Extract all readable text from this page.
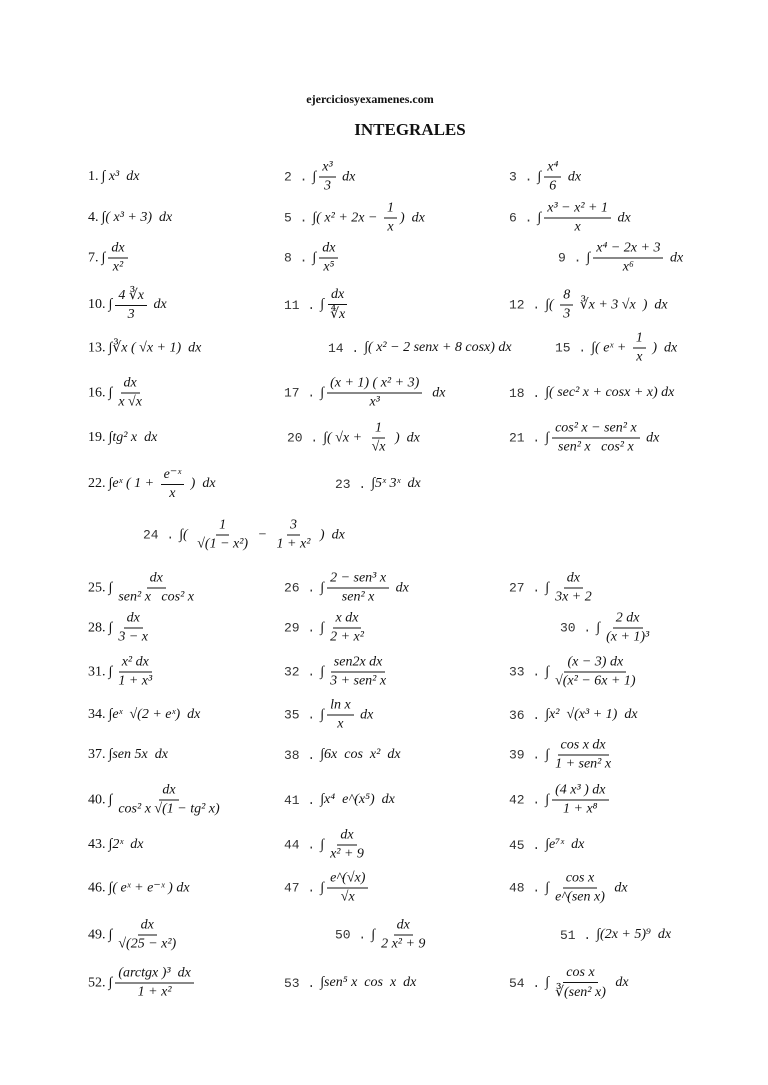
ejerciciosyexamenes.com
INTEGRALES
1. ∫ x³  dx	2 . ∫ $\frac{\text{x³}}{3}$ dx	3 . ∫ $\frac{\text{x⁴}}{6}$ dx
4. ∫( x³ + 3)  dx	5 . ∫( $x^2 + 2x - \frac{1}{x}$ )  dx	6 . ∫ $\frac{\text{x³ − x² + 1}}{x}$ dx
7. ∫ $\frac{dx}{\text{x²}}$	8 . ∫ $\frac{dx}{\text{x⁵}}$	9 . ∫ $\frac{\text{x⁴ − 2x + 3}}{\text{x⁶}}$ dx
10. ∫ $\frac{4 ∛x}{3}$ dx	11 . ∫ $\frac{dx}{∜x}$	12 . ∫( $\frac{8}{3}$ ∛x + 3 √x  )  dx
13. ∫∛x ( √x + 1)  dx	14 . ∫( x² − 2 senx + 8 cosx) dx	15 . ∫( eˣ + $\frac{1}{x}$ )  dx
16. ∫ $\frac{dx}{x √x}$	17 . ∫ $\frac{\text{(x + 1) ( x² + 3)}}{\text{x³}}$ dx	18 . ∫( sec² x + cosx + x) dx
19. ∫tg² x  dx	20 . ∫( $√x + \frac{1}{√x}$ )  dx	21 . ∫ $\frac{\text{cos² x − sen² x}}{\text{sen² x   cos² x}}$ dx
22. ∫eˣ ( $1 + \frac{\text{e⁻ˣ}}{x}$ )  dx	23 . ∫5ˣ 3ˣ  dx
24 . ∫( $\frac{1}{\text{√(1 − x²)}} - \frac{3}{\text{1 + x²}}$ )  dx
25. ∫ $\frac{dx}{\text{sen² x   cos² x}}$	26 . ∫ $\frac{\text{2 − sen³ x}}{\text{sen² x}}$ dx	27 . ∫ $\frac{dx}{3x + 2}$
28. ∫ $\frac{dx}{3 - x}$	29 . ∫ $\frac{\text{x dx}}{\text{2 + x²}}$	30 . ∫ $\frac{2 dx}{\text{(x + 1)³}}$
31. ∫ $\frac{\text{x² dx}}{\text{1 + x³}}$	32 . ∫ $\frac{\text{sen2x dx}}{\text{3 + sen² x}}$	33 . ∫ $\frac{(x - 3) dx}{\text{√(x² − 6x + 1)}}$
34. ∫eˣ  √(2 + eˣ)  dx	35 . ∫ $\frac{\text{ln x}}{x}$ dx	36 . ∫x²  √(x³ + 1)  dx
37. ∫sen 5x  dx	38 . ∫6x  cos  x²  dx	39 . ∫ $\frac{\text{cos x dx}}{\text{1 + sen² x}}$
40. ∫ $\frac{dx}{\text{cos² x √(1 − tg² x)}}$	41 . ∫x⁴  e^(x⁵)  dx	42 . ∫ $\frac{\text{(4 x³ ) dx}}{\text{1 + x⁸}}$
43. ∫2ˣ  dx	44 . ∫ $\frac{dx}{\text{x² + 9}}$	45 . ∫e⁷ˣ  dx
46. ∫( eˣ + e⁻ˣ ) dx	47 . ∫ $\frac{e\^{}(√x)}{√x}$	48 . ∫ $\frac{\text{cos x}}{\text{e\textasciicircum{}(sen x)}}$ dx
49. ∫ $\frac{dx}{\text{√(25 − x²)}}$	50 . ∫ $\frac{dx}{\text{2 x² + 9}}$	51 . ∫(2x + 5)⁹  dx
52. ∫ $\frac{\text{(arctgx )³  dx}}{\text{1 + x²}}$	53 . ∫sen⁵ x  cos  x  dx	54 . ∫ $\frac{\text{cos x}}{\text{∛(sen² x)}}$ dx
